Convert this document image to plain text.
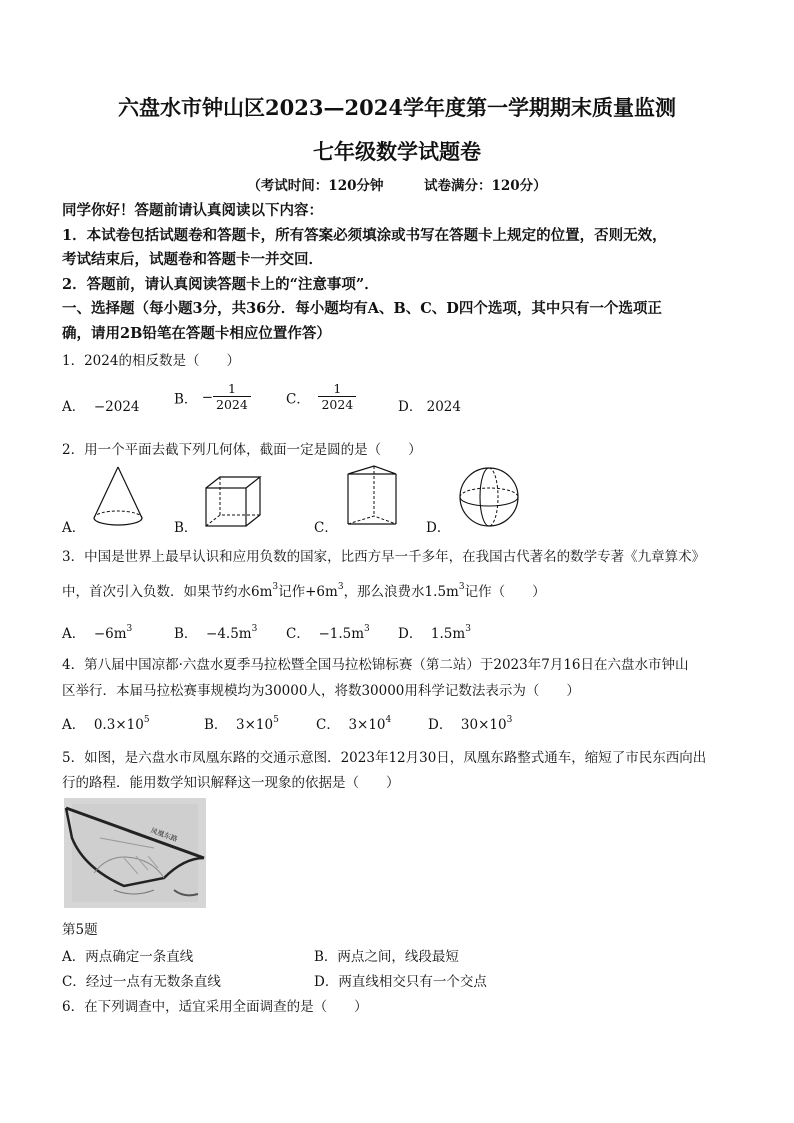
六盘水市钟山区2023—2024学年度第一学期期末质量监测
七年级数学试题卷
（考试时间：120分钟　　　试卷满分：120分）
同学你好！答题前请认真阅读以下内容：
1．本试卷包括试题卷和答题卡，所有答案必须填涂或书写在答题卡上规定的位置，否则无效，
考试结束后，试题卷和答题卡一并交回．
2．答题前，请认真阅读答题卡上的“注意事项”．
一、选择题（每小题3分，共36分．每小题均有A、B、C、D四个选项，其中只有一个选项正
确，请用2B铅笔在答题卡相应位置作答）
1．2024的相反数是（　　）
A． −2024	B． − $\frac{1}{2024}$	C． $\frac{1}{2024}$	D． 2024
2．用一个平面去截下列几何体，截面一定是圆的是（　　）
A．	B．	C．	D．
3．中国是世界上最早认识和应用负数的国家，比西方早一千多年，在我国古代著名的数学专著《九章算术》
中，首次引入负数．如果节约水$6m^3$记作$+6m^3$，那么浪费水$1.5m^3$记作（　　）
A． $-6m^3$	B． $-4.5m^3$ C． $-1.5m^3$ D． $1.5m^3$
4．第八届中国凉都·六盘水夏季马拉松暨全国马拉松锦标赛（第二站）于2023年7月16日在六盘水市钟山
区举行．本届马拉松赛事规模均为30000人，将数30000用科学记数法表示为（　　）
A． $0.3\times 10^5$	B． $3\times 10^5$	C． $3\times 10^4$	D． $30\times 10^3$
5．如图，是六盘水市凤凰东路的交通示意图．2023年12月30日，凤凰东路整式通车，缩短了市民东西向出
行的路程．能用数学知识解释这一现象的依据是（　　）
凤凰东路
第5题
A．两点确定一条直线	B．两点之间，线段最短
C．经过一点有无数条直线	D．两直线相交只有一个交点
6．在下列调查中，适宜采用全面调查的是（　　）
